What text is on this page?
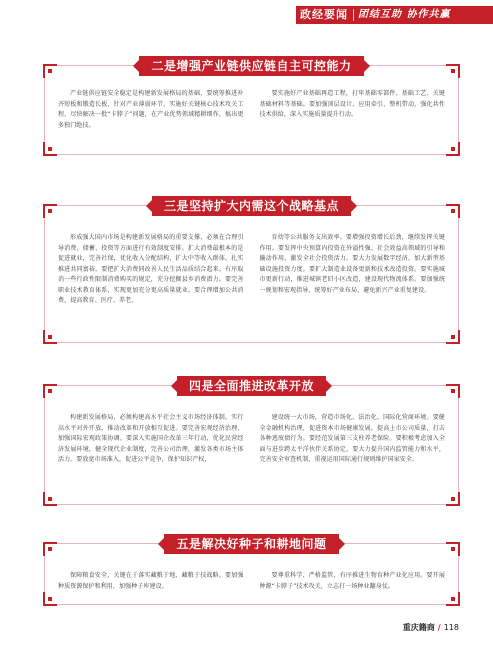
政经要闻 团结互助 协作共赢
二是增强产业链供应链自主可控能力
产业链供应链安全稳定是构建新发展格局的基础，要统筹推进补齐短板和锻造长板，针对产业薄弱环节，实施好关键核心技术攻关工程，尽快解决一批“卡脖子”问题，在产业优势领域精耕细作，搞出更多独门绝技。
要实施好产业基础再造工程，打牢基础零部件、基础工艺、关键基础材料等基础。要加强顶层设计、应用牵引、整机带动，强化共性技术供给，深入实施质量提升行动。
三是坚持扩大内需这个战略基点
形成强大国内市场是构建新发展格局的重要支撑，必须在合理引导消费、储蓄、投资等方面进行有效制度安排。扩大消费最根本的是促进就业，完善社保，优化收入分配结构，扩大中等收入群体，扎实推进共同富裕。要把扩大消费同改善人民生活品质结合起来。有序取消一些行政性限制消费购买的规定，充分挖掘县乡消费潜力。要完善职业技术教育体系，实现更加充分更高质量就业。要合理增加公共消费，提高教育、医疗、养老、
育幼等公共服务支出效率。要增强投资增长后劲，继续发挥关键作用。要发挥中央预算内投资在外溢性强、社会效益高领域的引导和撬动作用，激发全社会投资活力。要大力发展数字经济，加大新型基础设施投资力度。要扩大制造业设备更新和技术改造投资。要实施城市更新行动，推进城镇老旧小区改造，建设现代物流体系。要加强统一规划和宏观指导，统筹好产业布局，避免新兴产业重复建设。
四是全面推进改革开放
构建新发展格局，必须构建高水平社会主义市场经济体制，实行高水平对外开放，推动改革和开放相互促进。要完善宏观经济治理，加强国际宏观政策协调。要深入实施国企改革三年行动，优化民营经济发展环境，健全现代企业制度，完善公司治理，激发各类市场主体活力。要放宽市场准入，促进公平竞争，保护知识产权，
建设统一大市场，营造市场化、法治化、国际化营商环境。要健全金融机构治理，促进资本市场健康发展。提高上市公司质量，打击各种逃废债行为。要经范发展第三支柱养老保险。要积极考虑加入全面与进步跨太平洋伙伴关系协定，要大力提升国内监管能力和水平，完善安全审查机制，重视运用国际通行规则维护国家安全。
五是解决好种子和耕地问题
保障粮食安全，关键在于落实藏粮于地、藏粮于技战略。要加强种质资源保护和利用，加强种子库建设。
要尊重科学、严格监管，有序推进生物育种产业化应用。要开展种源“卡脖子”技术攻关，立志打一场种业翻身仗。
重庆籍商 / 118
